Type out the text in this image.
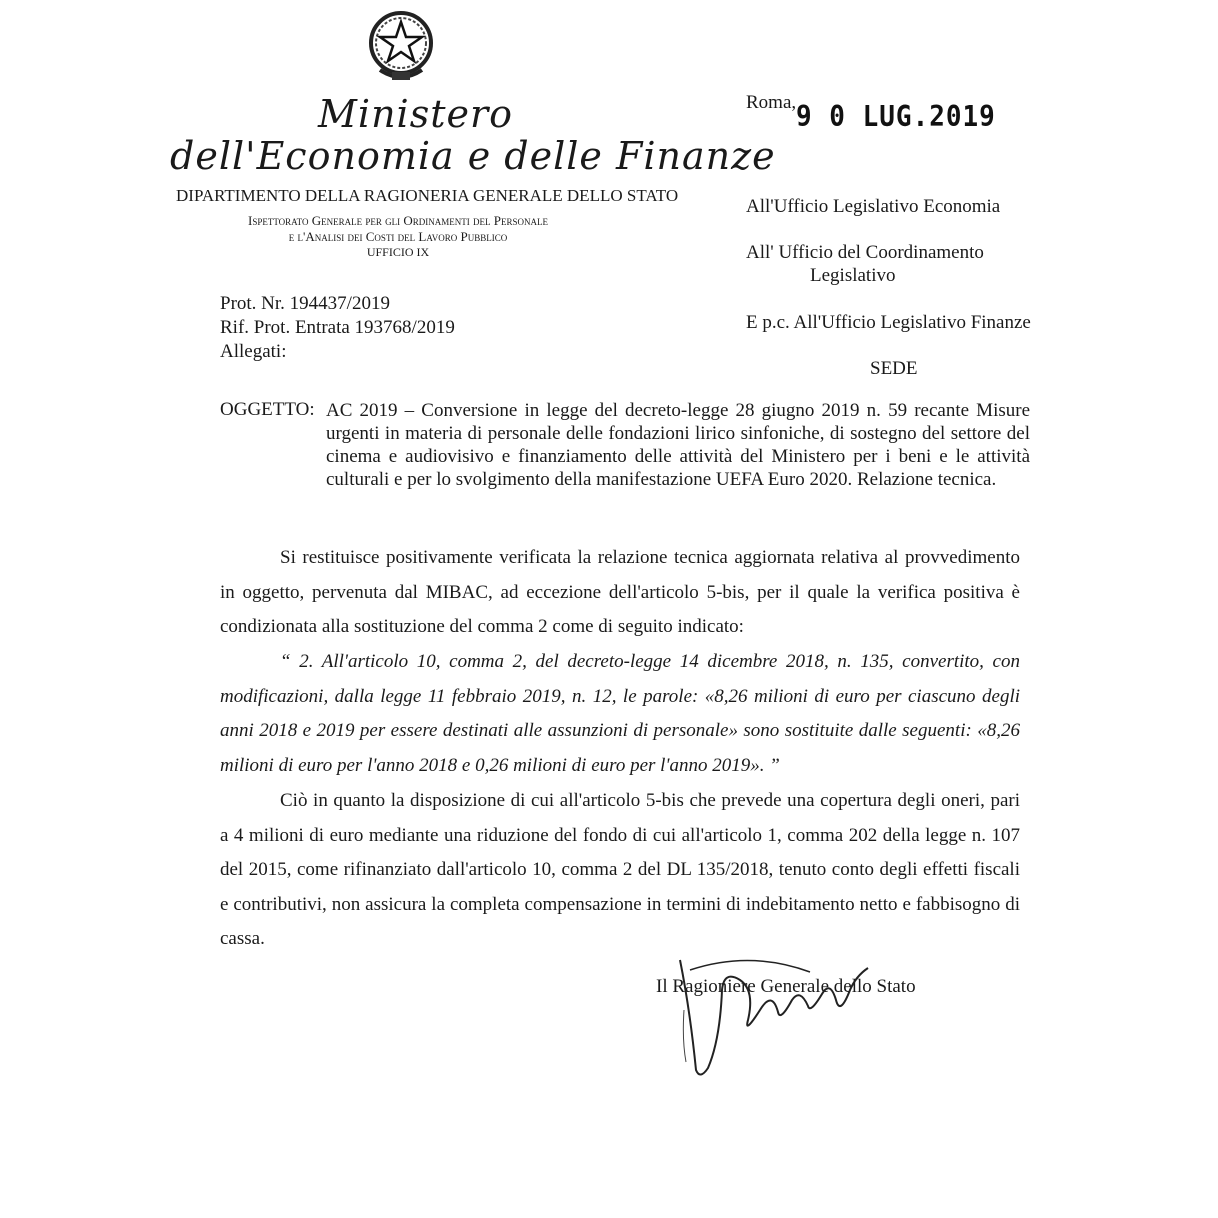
Ministero
dell'Economia e delle Finanze
DIPARTIMENTO DELLA RAGIONERIA GENERALE DELLO STATO
Ispettorato Generale per gli Ordinamenti del Personale
e l'Analisi dei Costi del Lavoro Pubblico
UFFICIO IX
Roma, 9 0 LUG.2019
All'Ufficio Legislativo Economia
All' Ufficio del Coordinamento
Legislativo
E p.c. All'Ufficio Legislativo Finanze
SEDE
Prot. Nr. 194437/2019
Rif. Prot. Entrata 193768/2019
Allegati:
OGGETTO: AC 2019 – Conversione in legge del decreto-legge 28 giugno 2019 n. 59 recante Misure urgenti in materia di personale delle fondazioni lirico sinfoniche, di sostegno del settore del cinema e audiovisivo e finanziamento delle attività del Ministero per i beni e le attività culturali e per lo svolgimento della manifestazione UEFA Euro 2020. Relazione tecnica.
Si restituisce positivamente verificata la relazione tecnica aggiornata relativa al provvedimento in oggetto, pervenuta dal MIBAC, ad eccezione dell'articolo 5-bis, per il quale la verifica positiva è condizionata alla sostituzione del comma 2 come di seguito indicato:
“ 2. All'articolo 10, comma 2, del decreto-legge 14 dicembre 2018, n. 135, convertito, con modificazioni, dalla legge 11 febbraio 2019, n. 12, le parole: «8,26 milioni di euro per ciascuno degli anni 2018 e 2019 per essere destinati alle assunzioni di personale» sono sostituite dalle seguenti: «8,26 milioni di euro per l'anno 2018 e 0,26 milioni di euro per l'anno 2019». ”
Ciò in quanto la disposizione di cui all'articolo 5-bis che prevede una copertura degli oneri, pari a 4 milioni di euro mediante una riduzione del fondo di cui all'articolo 1, comma 202 della legge n. 107 del 2015, come rifinanziato dall'articolo 10, comma 2 del DL 135/2018, tenuto conto degli effetti fiscali e contributivi, non assicura la completa compensazione in termini di indebitamento netto e fabbisogno di cassa.
Il Ragioniere Generale dello Stato
